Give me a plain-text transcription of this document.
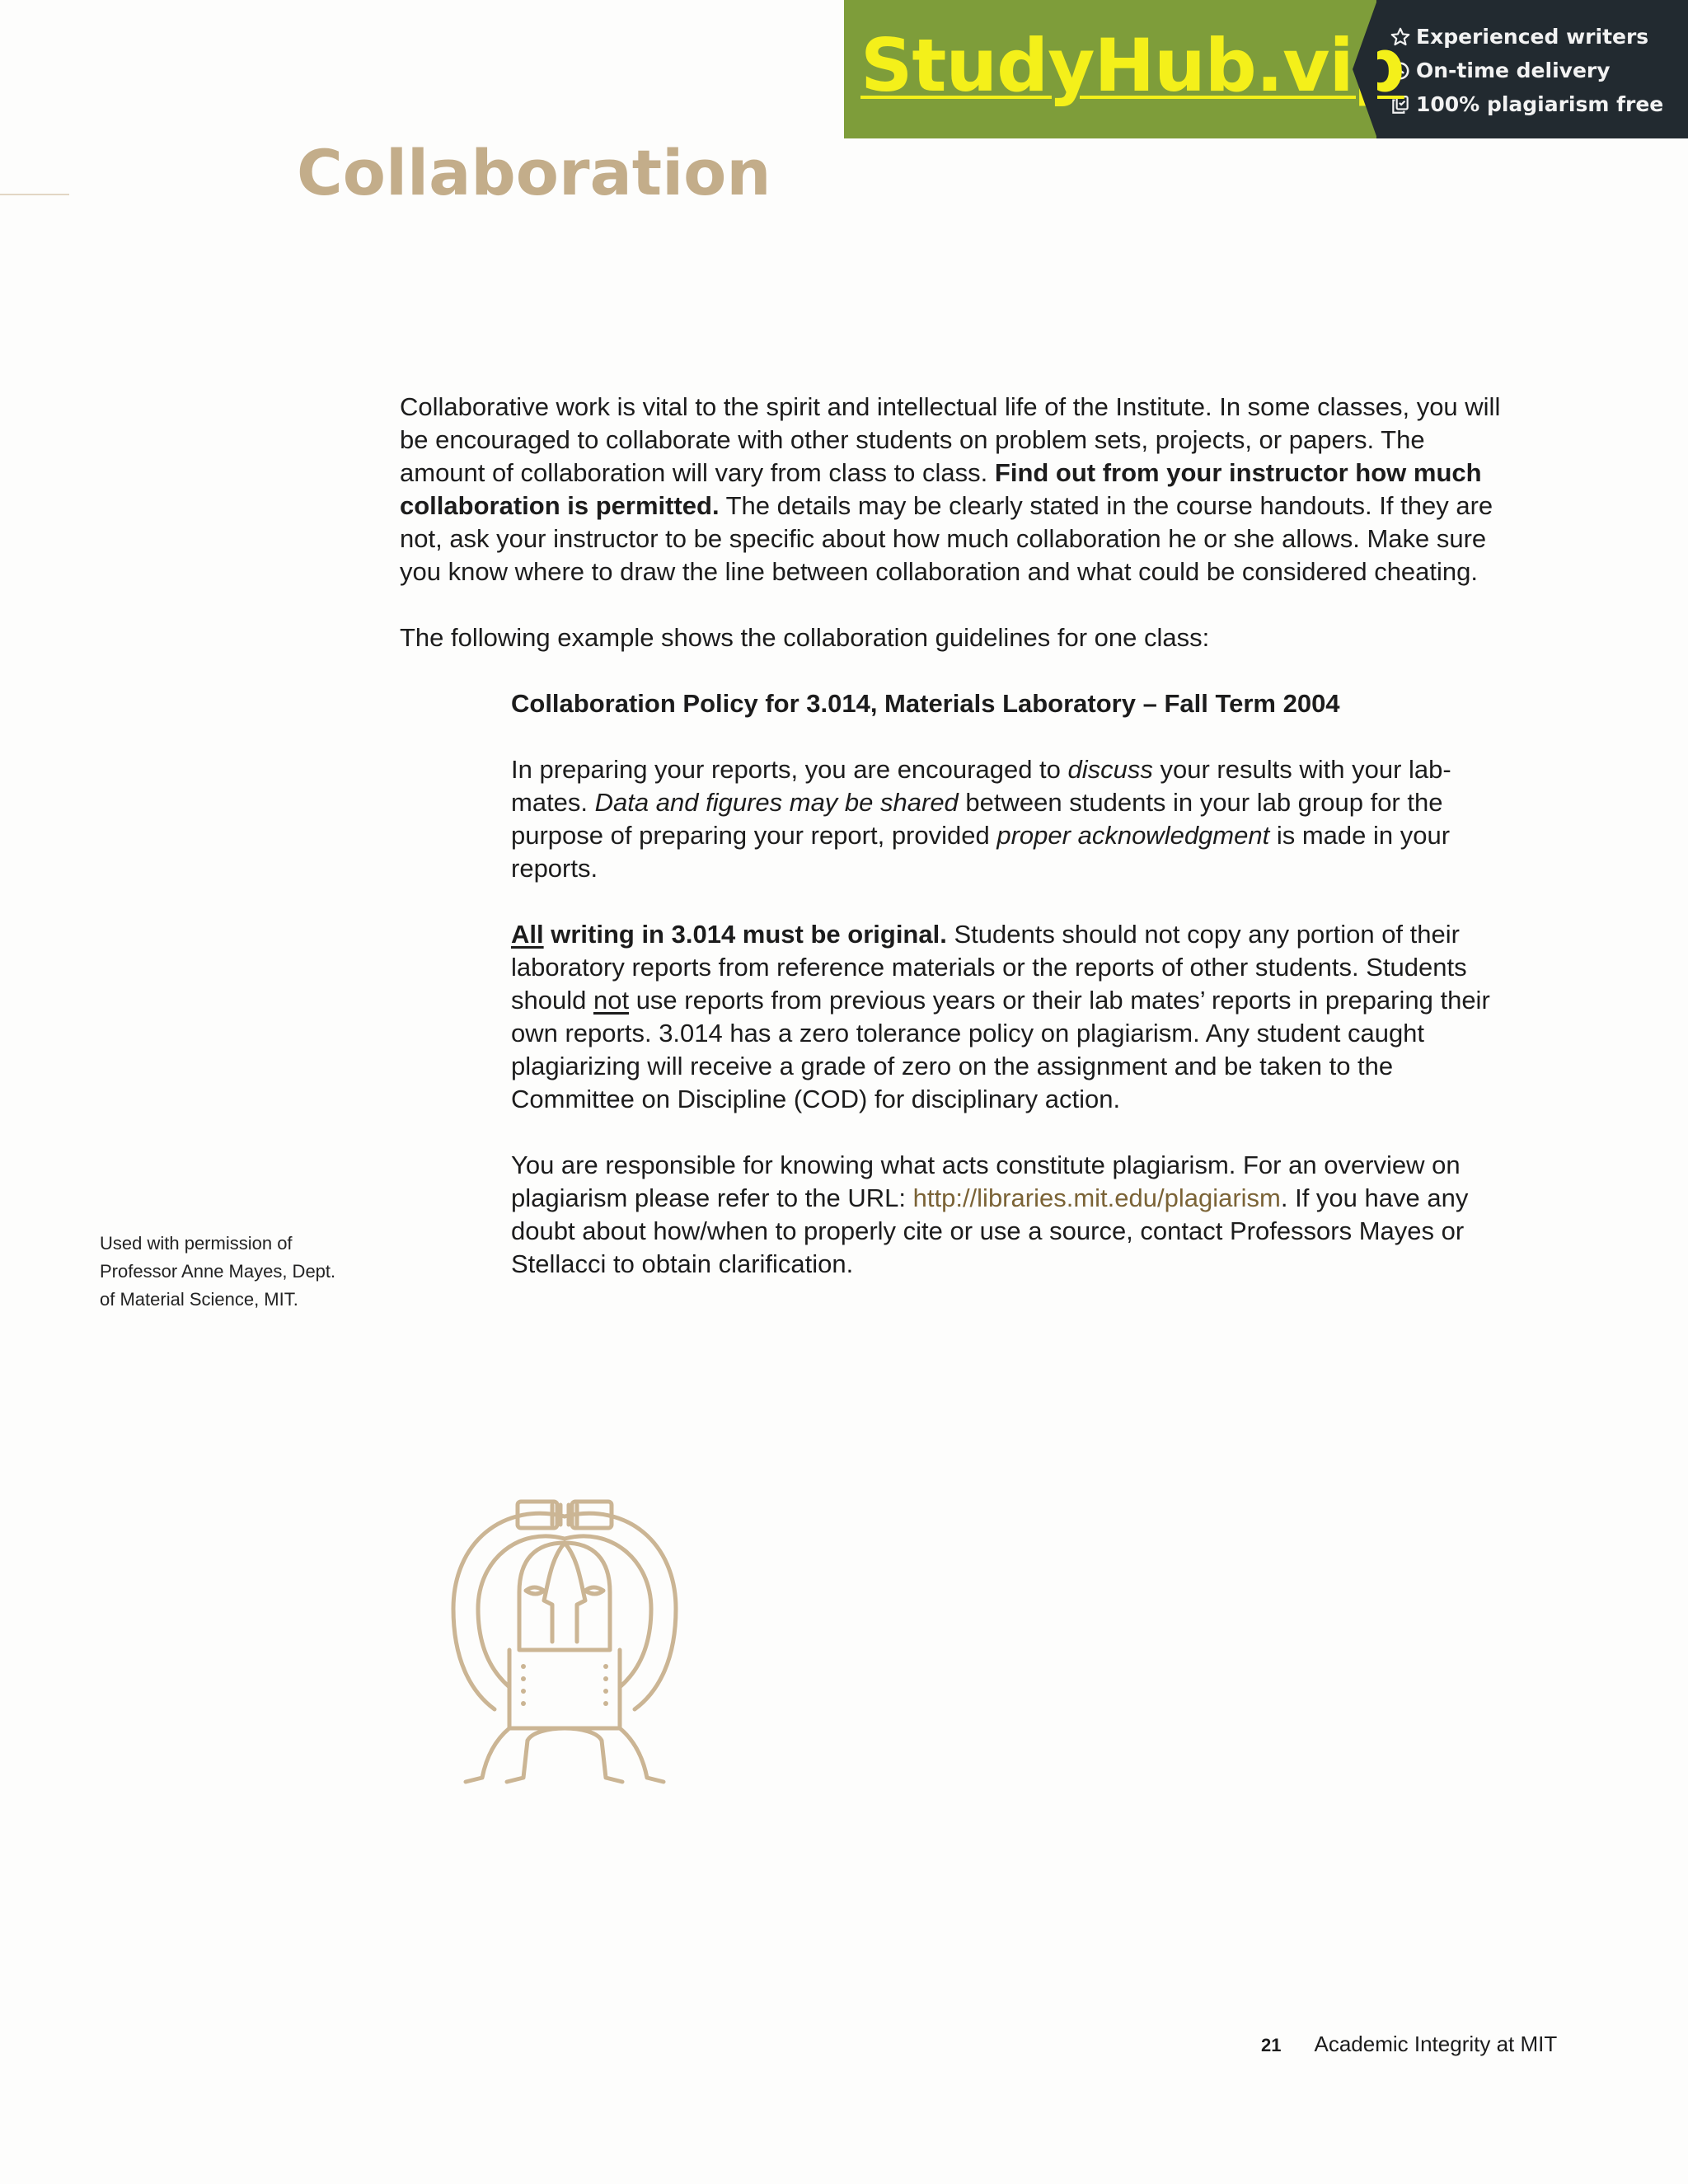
StudyHub.vip Experienced writers
On-time delivery
100% plagiarism free
Collaboration

Collaborative work is vital to the spirit and intellectual life of the Institute. In some classes, you will be encouraged to collaborate with other students on problem sets, projects, or papers. The amount of collaboration will vary from class to class. Find out from your instructor how much collaboration is permitted. The details may be clearly stated in the course handouts. If they are not, ask your instructor to be specific about how much collaboration he or she allows. Make sure you know where to draw the line between collaboration and what could be considered cheating.

The following example shows the collaboration guidelines for one class:

Collaboration Policy for 3.014, Materials Laboratory – Fall Term 2004

In preparing your reports, you are encouraged to discuss your results with your lab-mates. Data and figures may be shared between students in your lab group for the purpose of preparing your report, provided proper acknowledgment is made in your reports.

All writing in 3.014 must be original. Students should not copy any portion of their laboratory reports from reference materials or the reports of other students. Students should not use reports from previous years or their lab mates’ reports in preparing their own reports. 3.014 has a zero tolerance policy on plagiarism. Any student caught plagiarizing will receive a grade of zero on the assignment and be taken to the Committee on Discipline (COD) for disciplinary action.

You are responsible for knowing what acts constitute plagiarism. For an overview on plagiarism please refer to the URL: http://libraries.mit.edu/plagiarism. If you have any doubt about how/when to properly cite or use a source, contact Professors Mayes or Stellacci to obtain clarification.

Used with permission of Professor Anne Mayes, Dept. of Material Science, MIT.
21 Academic Integrity at MIT
